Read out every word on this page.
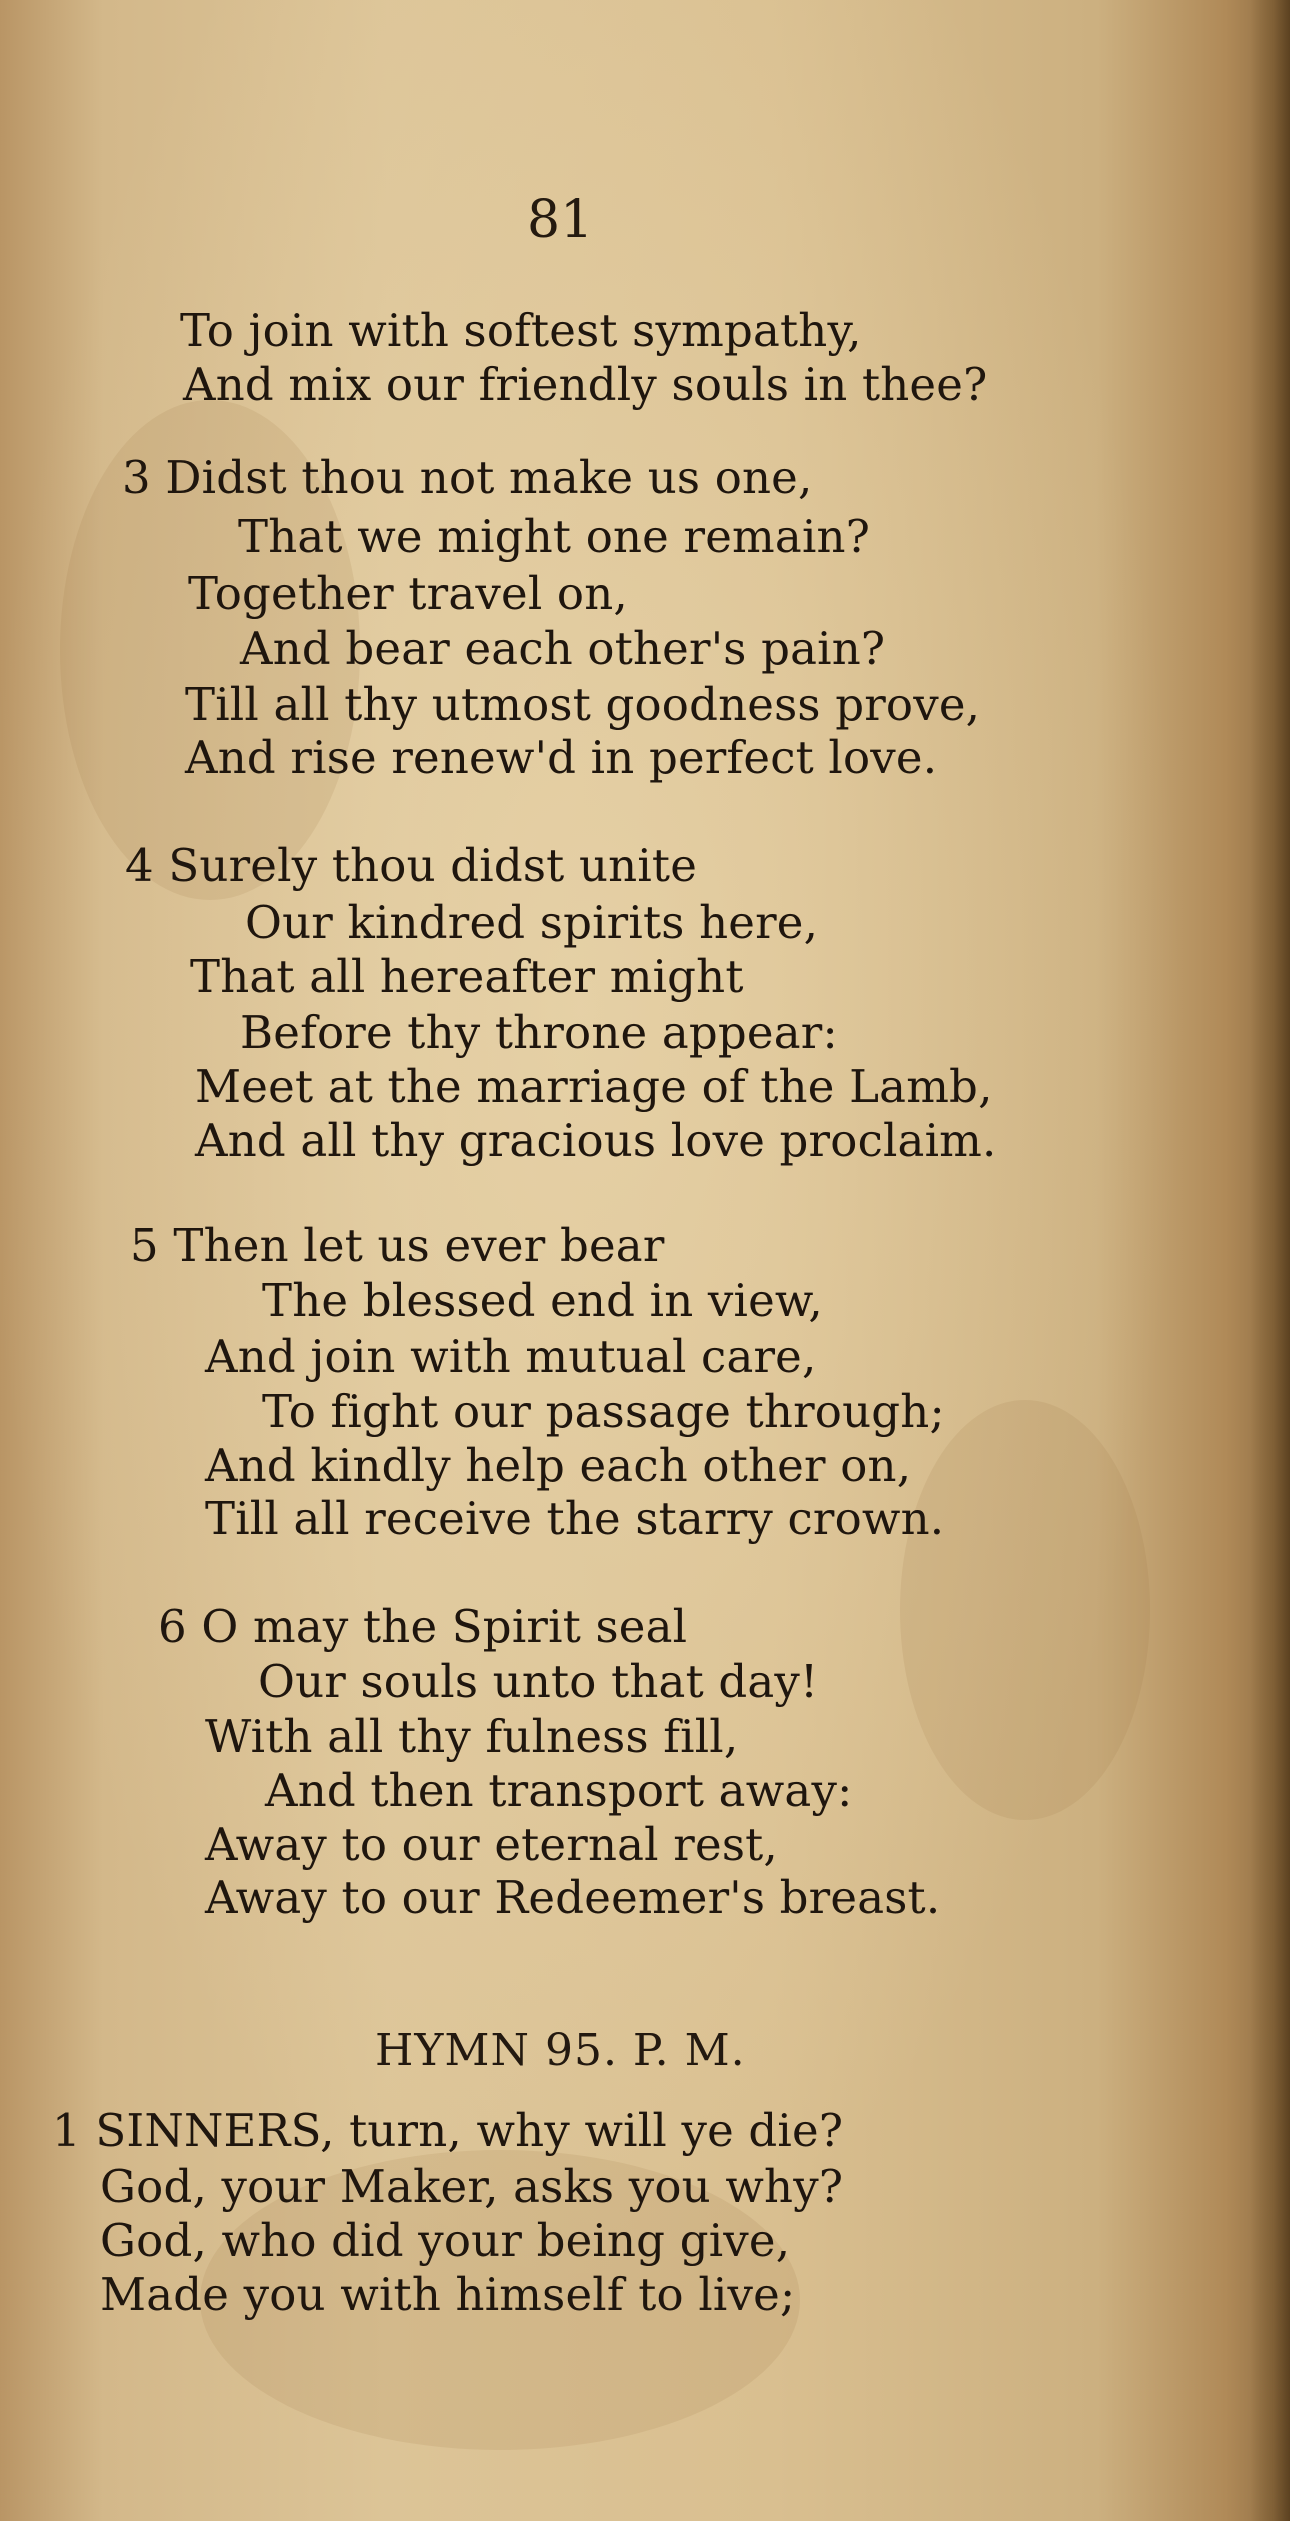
81
To join with softest sympathy,
And mix our friendly souls in thee?
3 Didst thou not make us one,
That we might one remain?
Together travel on,
And bear each other's pain?
Till all thy utmost goodness prove,
And rise renew'd in perfect love.
4 Surely thou didst unite
Our kindred spirits here,
That all hereafter might
Before thy throne appear:
Meet at the marriage of the Lamb,
And all thy gracious love proclaim.
5 Then let us ever bear
The blessed end in view,
And join with mutual care,
To fight our passage through;
And kindly help each other on,
Till all receive the starry crown.
6 O may the Spirit seal
Our souls unto that day!
With all thy fulness fill,
And then transport away:
Away to our eternal rest,
Away to our Redeemer's breast.
HYMN 95. P. M.
1 SINNERS, turn, why will ye die?
God, your Maker, asks you why?
God, who did your being give,
Made you with himself to live;
